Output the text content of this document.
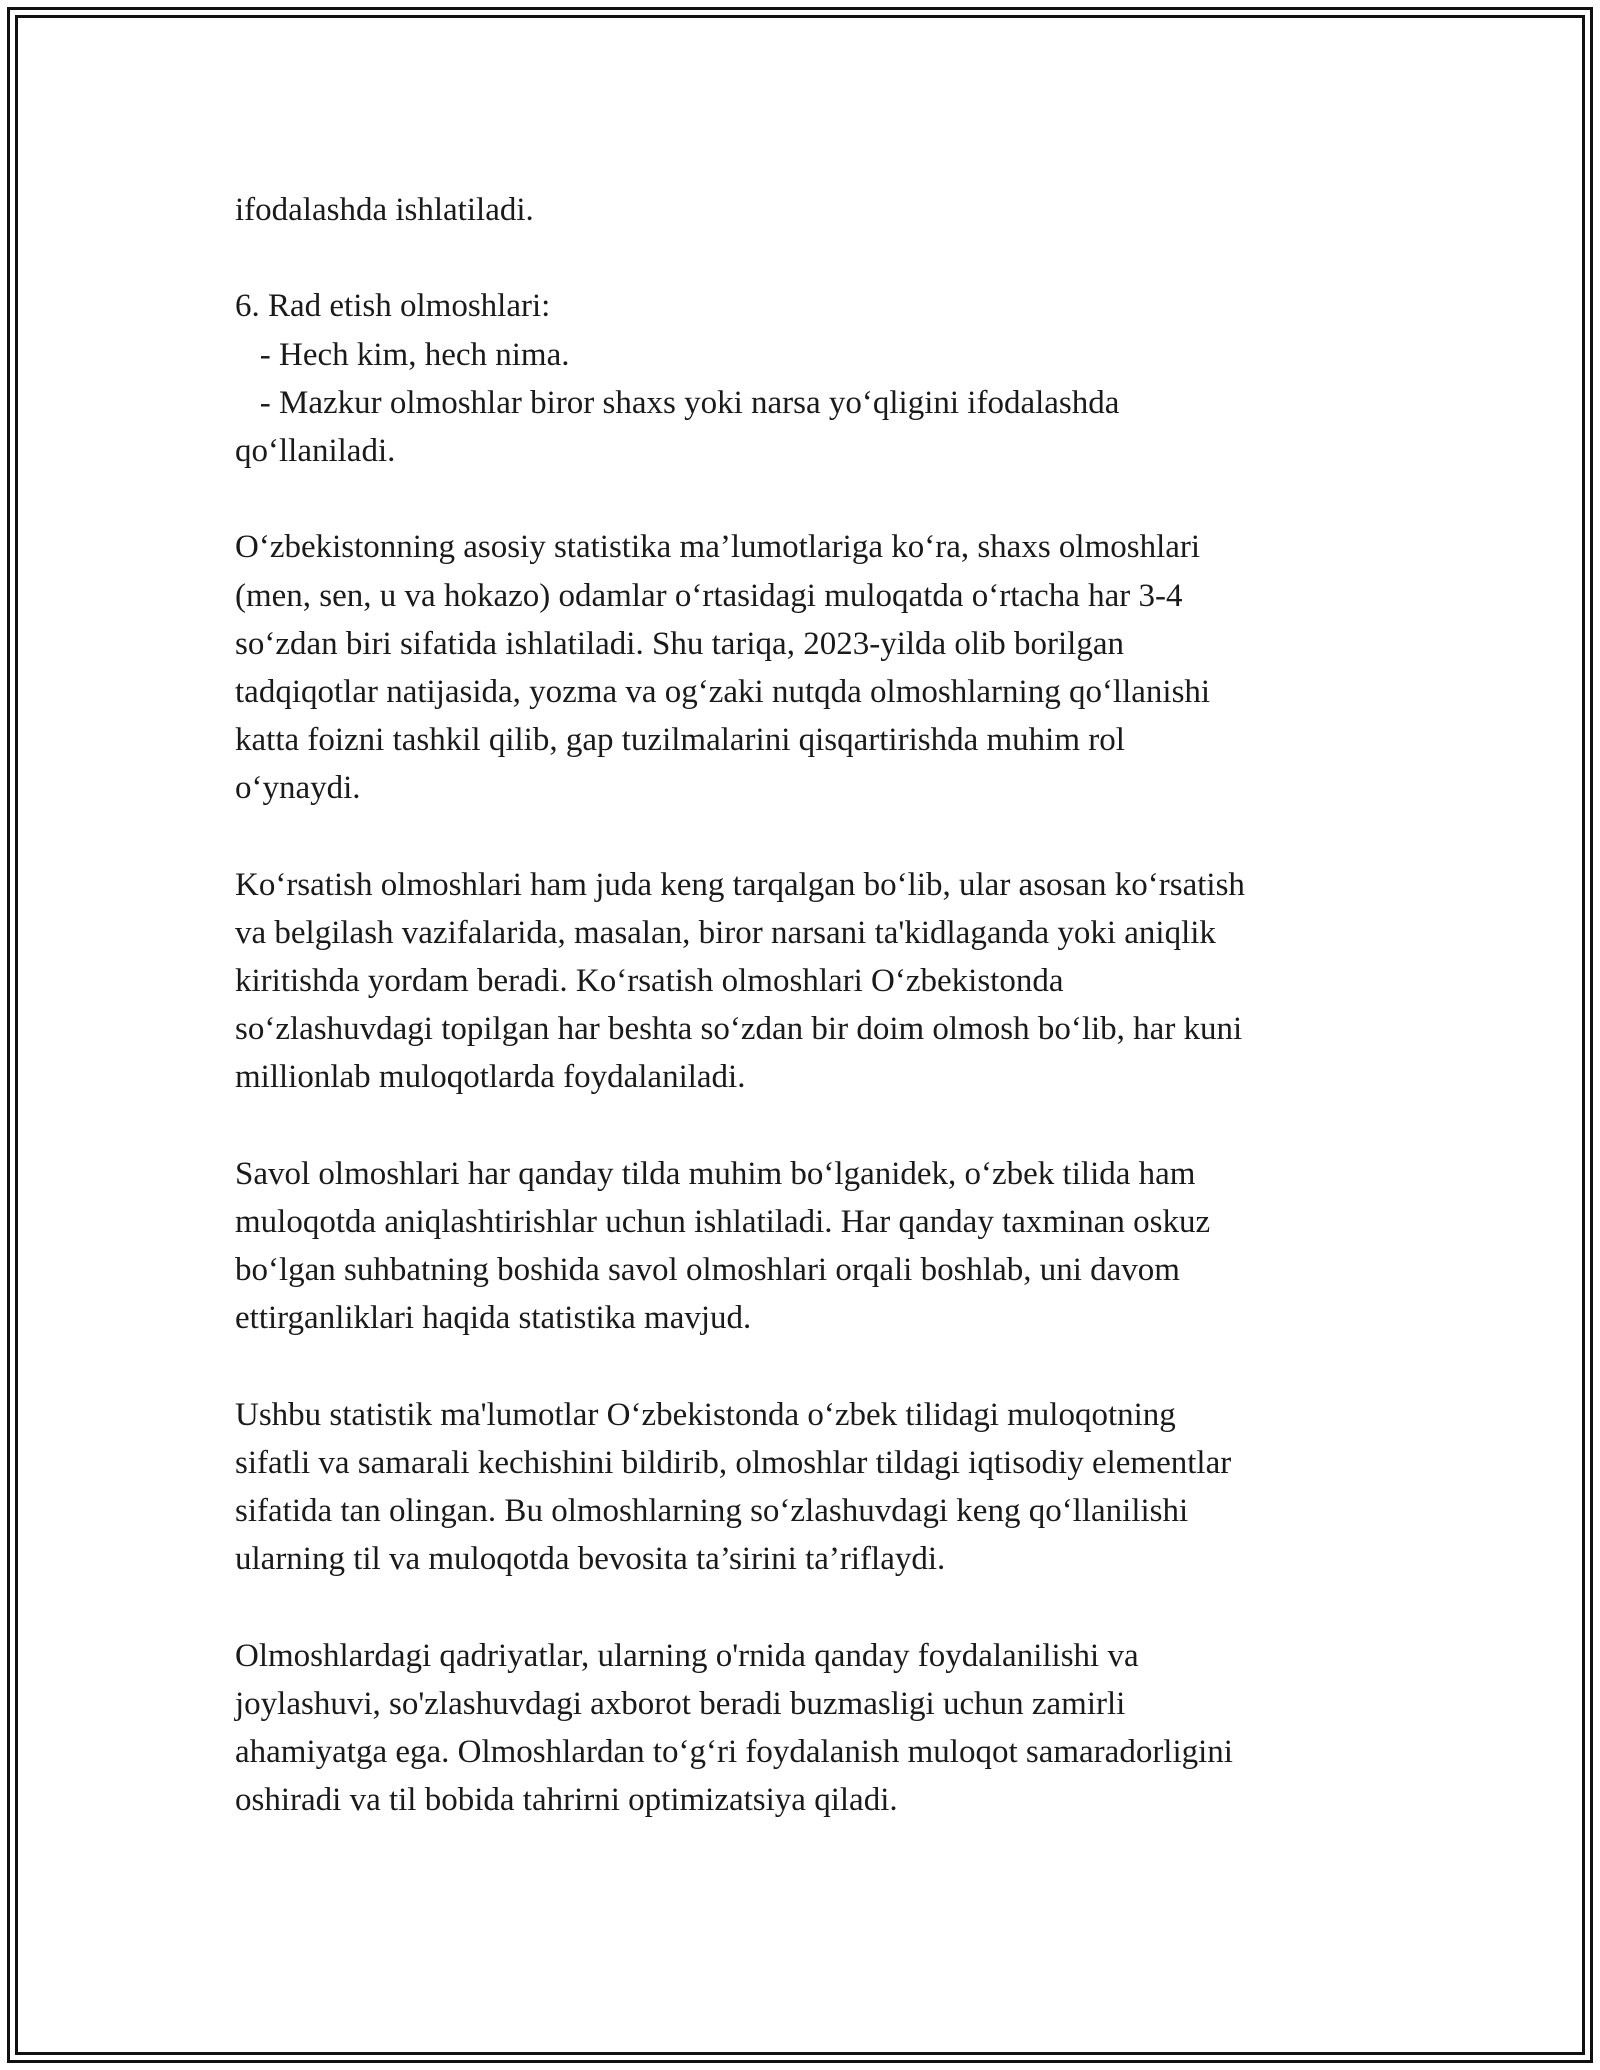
ifodalashda ishlatiladi.
6. Rad etish olmoshlari:
- Hech kim, hech nima.
- Mazkur olmoshlar biror shaxs yoki narsa yo‘qligini ifodalashda
qo‘llaniladi.
O‘zbekistonning asosiy statistika ma’lumotlariga ko‘ra, shaxs olmoshlari
(men, sen, u va hokazo) odamlar o‘rtasidagi muloqatda o‘rtacha har 3-4
so‘zdan biri sifatida ishlatiladi. Shu tariqa, 2023-yilda olib borilgan
tadqiqotlar natijasida, yozma va og‘zaki nutqda olmoshlarning qo‘llanishi
katta foizni tashkil qilib, gap tuzilmalarini qisqartirishda muhim rol
o‘ynaydi.
Ko‘rsatish olmoshlari ham juda keng tarqalgan bo‘lib, ular asosan ko‘rsatish
va belgilash vazifalarida, masalan, biror narsani ta'kidlaganda yoki aniqlik
kiritishda yordam beradi. Ko‘rsatish olmoshlari O‘zbekistonda
so‘zlashuvdagi topilgan har beshta so‘zdan bir doim olmosh bo‘lib, har kuni
millionlab muloqotlarda foydalaniladi.
Savol olmoshlari har qanday tilda muhim bo‘lganidek, o‘zbek tilida ham
muloqotda aniqlashtirishlar uchun ishlatiladi. Har qanday taxminan oskuz
bo‘lgan suhbatning boshida savol olmoshlari orqali boshlab, uni davom
ettirganliklari haqida statistika mavjud.
Ushbu statistik ma'lumotlar O‘zbekistonda o‘zbek tilidagi muloqotning
sifatli va samarali kechishini bildirib, olmoshlar tildagi iqtisodiy elementlar
sifatida tan olingan. Bu olmoshlarning so‘zlashuvdagi keng qo‘llanilishi
ularning til va muloqotda bevosita ta’sirini ta’riflaydi.
Olmoshlardagi qadriyatlar, ularning o'rnida qanday foydalanilishi va
joylashuvi, so'zlashuvdagi axborot beradi buzmasligi uchun zamirli
ahamiyatga ega. Olmoshlardan to‘g‘ri foydalanish muloqot samaradorligini
oshiradi va til bobida tahrirni optimizatsiya qiladi.
